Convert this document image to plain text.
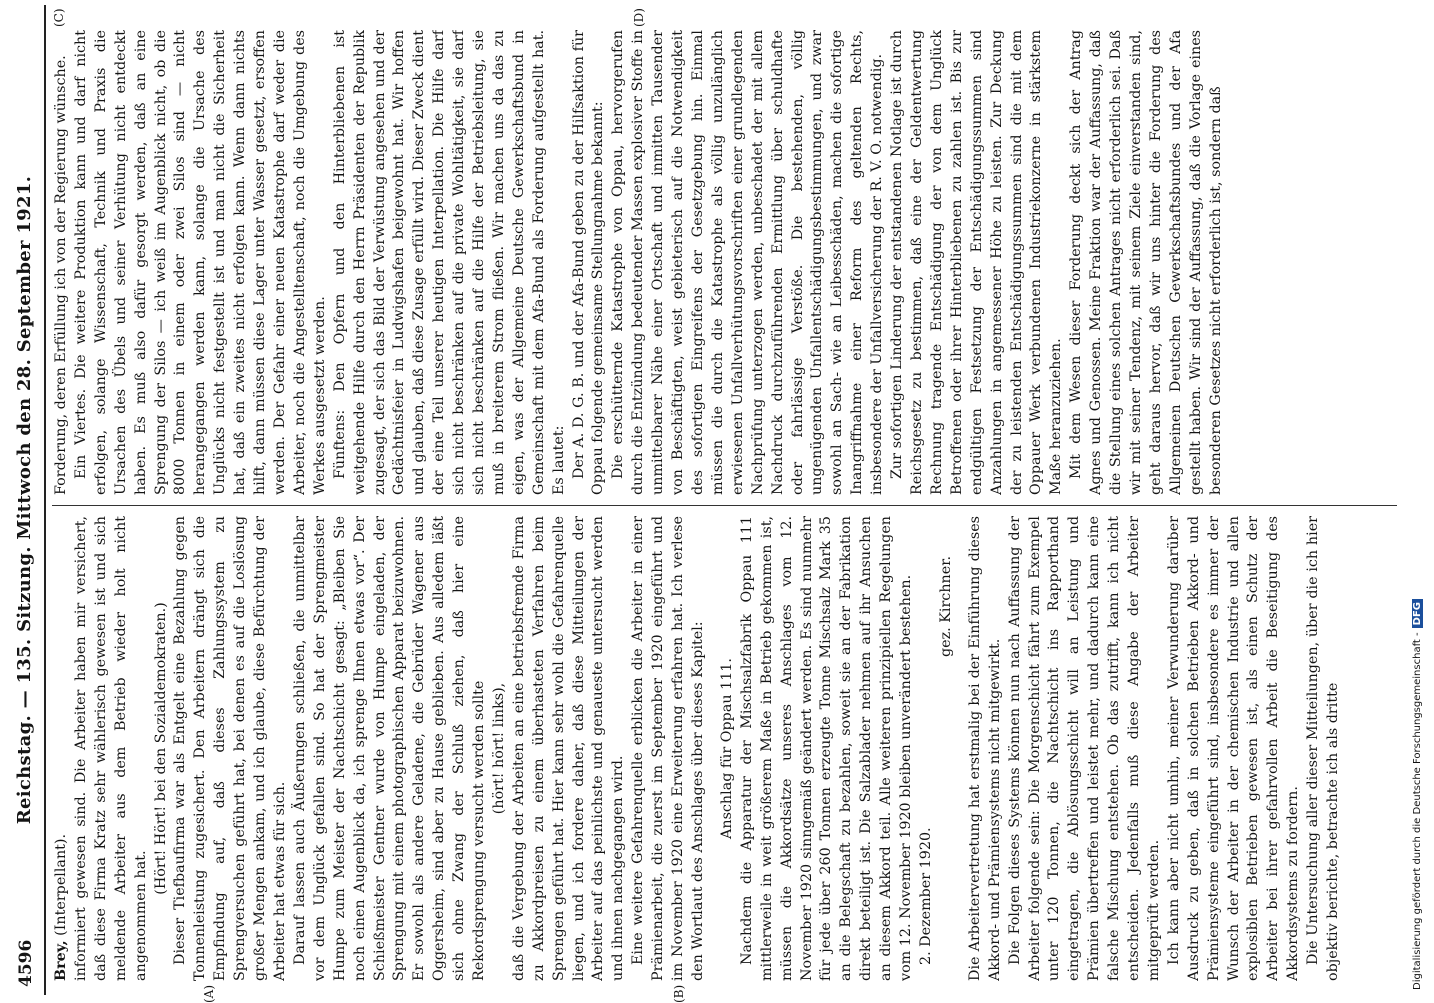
4596
Reichstag. — 135. Sitzung. Mittwoch den 28. September 1921.
(A)	(B)
(C)	(D)

Brey, (Interpellant). informiert gewesen sind. Die Arbeiter haben mir versichert, daß diese Firma Kratz sehr wählerisch gewesen ist und sich meldende Arbeiter aus dem Betrieb wieder holt nicht angenommen hat.

(Hört! Hört! bei den Sozialdemokraten.) Dieser Tiefbaufirma war als Entgelt eine Bezahlung gegen Tonnenleistung zugesichert. Den Arbeitern drängt sich die Empfindung auf, daß dieses Zahlungssystem zu Sprengversuchen geführt hat, bei denen es auf die Loslösung großer Mengen ankam, und ich glaube, diese Befürchtung der Arbeiter hat etwas für sich. Darauf lassen auch Äußerungen schließen, die unmittelbar vor dem Unglück gefallen sind. So hat der Sprengmeister Humpe zum Meister der Nachtschicht gesagt: „Bleiben Sie noch einen Augenblick da, ich sprenge Ihnen etwas vor“. Der Schießmeister Gentner wurde von Humpe eingeladen, der Sprengung mit einem photographischen Apparat beizuwohnen. Er sowohl als andere Geladene, die Gebrüder Wagener aus Oggersheim, sind aber zu Hause geblieben. Aus alledem läßt sich ohne Zwang der Schluß ziehen, daß hier eine Rekordsprengung versucht werden sollte (hört! hört! links), daß die Vergebung der Arbeiten an eine betriebsfremde Firma zu Akkordpreisen zu einem überhasteten Verfahren beim Sprengen geführt hat. Hier kann sehr wohl die Gefahrenquelle liegen, und ich fordere daher, daß diese Mitteilungen der Arbeiter auf das peinlichste und genaueste untersucht werden und ihnen nachgegangen wird. Eine weitere Gefahrenquelle erblicken die Arbeiter in einer Prämienarbeit, die zuerst im September 1920 eingeführt und im November 1920 eine Erweiterung erfahren hat. Ich verlese den Wortlaut des Anschlages über dieses Kapitel: Anschlag für Oppau 111. Nachdem die Apparatur der Mischsalzfabrik Oppau 111 mittlerweile in weit größerem Maße in Betrieb gekommen ist, müssen die Akkordsätze unseres Anschlages vom 12. November 1920 sinngemäß geändert werden. Es sind nunmehr für jede über 260 Tonnen erzeugte Tonne Mischsalz Mark 35 an die Belegschaft zu bezahlen, soweit sie an der Fabrikation direkt beteiligt ist. Die Salzablader nehmen auf ihr Ansuchen an diesem Akkord teil. Alle weiteren prinzipiellen Regelungen vom 12. November 1920 bleiben unverändert bestehen. 2. Dezember 1920.

gez. Kirchner. Die Arbeitervertretung hat erstmalig bei der Einführung dieses Akkord- und Prämiensystems nicht mitgewirkt. Die Folgen dieses Systems können nun nach Auffassung der Arbeiter folgende sein: Die Morgenschicht fährt zum Exempel unter 120 Tonnen, die Nachtschicht ins Rapporthand eingetragen, die Ablösungsschicht will an Leistung und Prämien übertreffen und leistet mehr, und dadurch kann eine falsche Mischung entstehen. Ob das zutrifft, kann ich nicht entscheiden. Jedenfalls muß diese Angabe der Arbeiter mitgeprüft werden. Ich kann aber nicht umhin, meiner Verwunderung darüber Ausdruck zu geben, daß in solchen Betrieben Akkord- und Prämiensysteme eingeführt sind, insbesondere es immer der Wunsch der Arbeiter in der chemischen Industrie und allen explosiblen Betrieben gewesen ist, als einen Schutz der Arbeiter bei ihrer gefahrvollen Arbeit die Beseitigung des Akkordsystems zu fordern. Die Untersuchung aller dieser Mitteilungen, über die ich hier objektiv berichte, betrachte ich als dritte

Forderung, deren Erfüllung ich von der Regierung wünsche. Ein Viertes. Die weitere Produktion kann und darf nicht erfolgen, solange Wissenschaft, Technik und Praxis die Ursachen des Übels und seiner Verhütung nicht entdeckt haben. Es muß also dafür gesorgt werden, daß an eine Sprengung der Silos — ich weiß im Augenblick nicht, ob die 8000 Tonnen in einem oder zwei Silos sind — nicht herangegangen werden kann, solange die Ursache des Unglücks nicht festgestellt ist und man nicht die Sicherheit hat, daß ein zweites nicht erfolgen kann. Wenn dann nichts hilft, dann müssen diese Lager unter Wasser gesetzt, ersoffen werden. Der Gefahr einer neuen Katastrophe darf weder die Arbeiter, noch die Angestelltenschaft, noch die Umgebung des Werkes ausgesetzt werden. Fünftens: Den Opfern und den Hinterbliebenen ist weitgehende Hilfe durch den Herrn Präsidenten der Republik zugesagt, der sich das Bild der Verwüstung angesehen und der Gedächtnisfeier in Ludwigshafen beigewohnt hat. Wir hoffen und glauben, daß diese Zusage erfüllt wird. Dieser Zweck dient der eine Teil unserer heutigen Interpellation. Die Hilfe darf sich nicht beschränken auf die private Wohltätigkeit, sie darf sich nicht beschränken auf die Hilfe der Betriebsleitung, sie muß in breiterem Strom fließen. Wir machen uns da das zu eigen, was der Allgemeine Deutsche Gewerkschaftsbund in Gemeinschaft mit dem Afa-Bund als Forderung aufgestellt hat. Es lautet: Der A. D. G. B. und der Afa-Bund geben zu der Hilfsaktion für Oppau folgende gemeinsame Stellungnahme bekannt: Die erschütternde Katastrophe von Oppau, hervorgerufen durch die Entzündung bedeutender Massen explosiver Stoffe in unmittelbarer Nähe einer Ortschaft und inmitten Tausender von Beschäftigten, weist gebieterisch auf die Notwendigkeit des sofortigen Eingreifens der Gesetzgebung hin. Einmal müssen die durch die Katastrophe als völlig unzulänglich erwiesenen Unfallverhütungsvorschriften einer grundlegenden Nachprüfung unterzogen werden, unbeschadet der mit allem Nachdruck durchzuführenden Ermittlung über schuldhafte oder fahrlässige Verstöße. Die bestehenden, völlig ungenügenden Unfallentschädigungsbestimmungen, und zwar sowohl an Sach- wie an Leibesschäden, machen die sofortige Inangriffnahme einer Reform des geltenden Rechts, insbesondere der Unfallversicherung der R. V. O. notwendig. Zur sofortigen Linderung der entstandenen Notlage ist durch Reichsgesetz zu bestimmen, daß eine der Geldentwertung Rechnung tragende Entschädigung der von dem Unglück Betroffenen oder ihrer Hinterbliebenen zu zahlen ist. Bis zur endgültigen Festsetzung der Entschädigungssummen sind Anzahlungen in angemessener Höhe zu leisten. Zur Deckung der zu leistenden Entschädigungssummen sind die mit dem Oppauer Werk verbundenen Industriekonzerne in stärkstem Maße heranzuziehen. Mit dem Wesen dieser Forderung deckt sich der Antrag Agnes und Genossen. Meine Fraktion war der Auffassung, daß die Stellung eines solchen Antrages nicht erforderlich sei. Daß wir mit seiner Tendenz, mit seinem Ziele einverstanden sind, geht daraus hervor, daß wir uns hinter die Forderung des Allgemeinen Deutschen Gewerkschaftsbundes und der Afa gestellt haben. Wir sind der Auffassung, daß die Vorlage eines besonderen Gesetzes nicht erforderlich ist, sondern daß

Digitalisierung gefördert durch die Deutsche Forschungsgemeinschaft -DFG
